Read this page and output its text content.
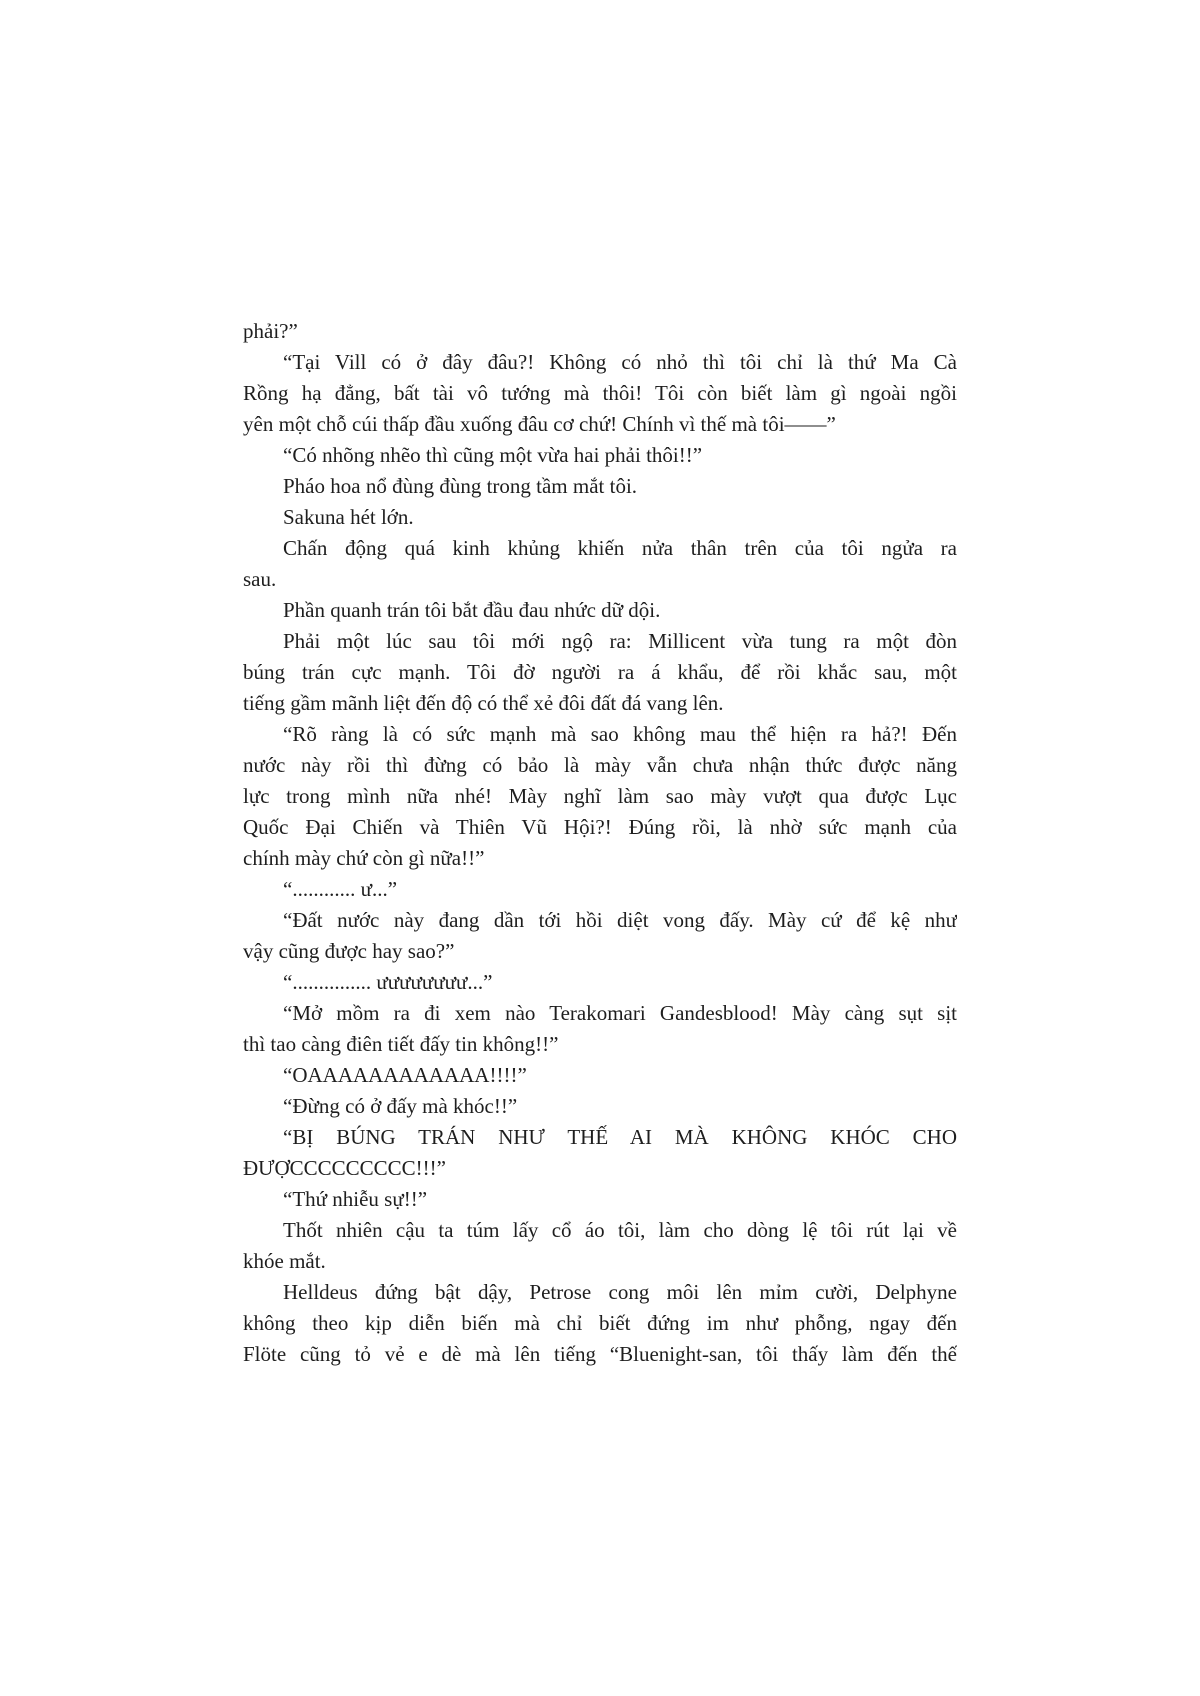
phải?”
“Tại Vill có ở đây đâu?! Không có nhỏ thì tôi chỉ là thứ Ma Cà
Rồng hạ đẳng, bất tài vô tướng mà thôi! Tôi còn biết làm gì ngoài ngồi
yên một chỗ cúi thấp đầu xuống đâu cơ chứ! Chính vì thế mà tôi——”
“Có nhõng nhẽo thì cũng một vừa hai phải thôi!!”
Pháo hoa nổ đùng đùng trong tầm mắt tôi.
Sakuna hét lớn.
Chấn động quá kinh khủng khiến nửa thân trên của tôi ngửa ra
sau.
Phần quanh trán tôi bắt đầu đau nhức dữ dội.
Phải một lúc sau tôi mới ngộ ra: Millicent vừa tung ra một đòn
búng trán cực mạnh. Tôi đờ người ra á khẩu, để rồi khắc sau, một
tiếng gầm mãnh liệt đến độ có thể xẻ đôi đất đá vang lên.
“Rõ ràng là có sức mạnh mà sao không mau thể hiện ra hả?! Đến
nước này rồi thì đừng có bảo là mày vẫn chưa nhận thức được năng
lực trong mình nữa nhé! Mày nghĩ làm sao mày vượt qua được Lục
Quốc Đại Chiến và Thiên Vũ Hội?! Đúng rồi, là nhờ sức mạnh của
chính mày chứ còn gì nữa!!”
“............ ư...”
“Đất nước này đang dần tới hồi diệt vong đấy. Mày cứ để kệ như
vậy cũng được hay sao?”
“............... ưưưưưưưư...”
“Mở mồm ra đi xem nào Terakomari Gandesblood! Mày càng sụt sịt
thì tao càng điên tiết đấy tin không!!”
“OAAAAAAAAAAAA!!!!”
“Đừng có ở đấy mà khóc!!”
“BỊ BÚNG TRÁN NHƯ THẾ AI MÀ KHÔNG KHÓC CHO
ĐƯỢCCCCCCCCC!!!”
“Thứ nhiễu sự!!”
Thốt nhiên cậu ta túm lấy cổ áo tôi, làm cho dòng lệ tôi rút lại về
khóe mắt.
Helldeus đứng bật dậy, Petrose cong môi lên mỉm cười, Delphyne
không theo kịp diễn biến mà chỉ biết đứng im như phỗng, ngay đến
Flöte cũng tỏ vẻ e dè mà lên tiếng “Bluenight-san, tôi thấy làm đến thế
